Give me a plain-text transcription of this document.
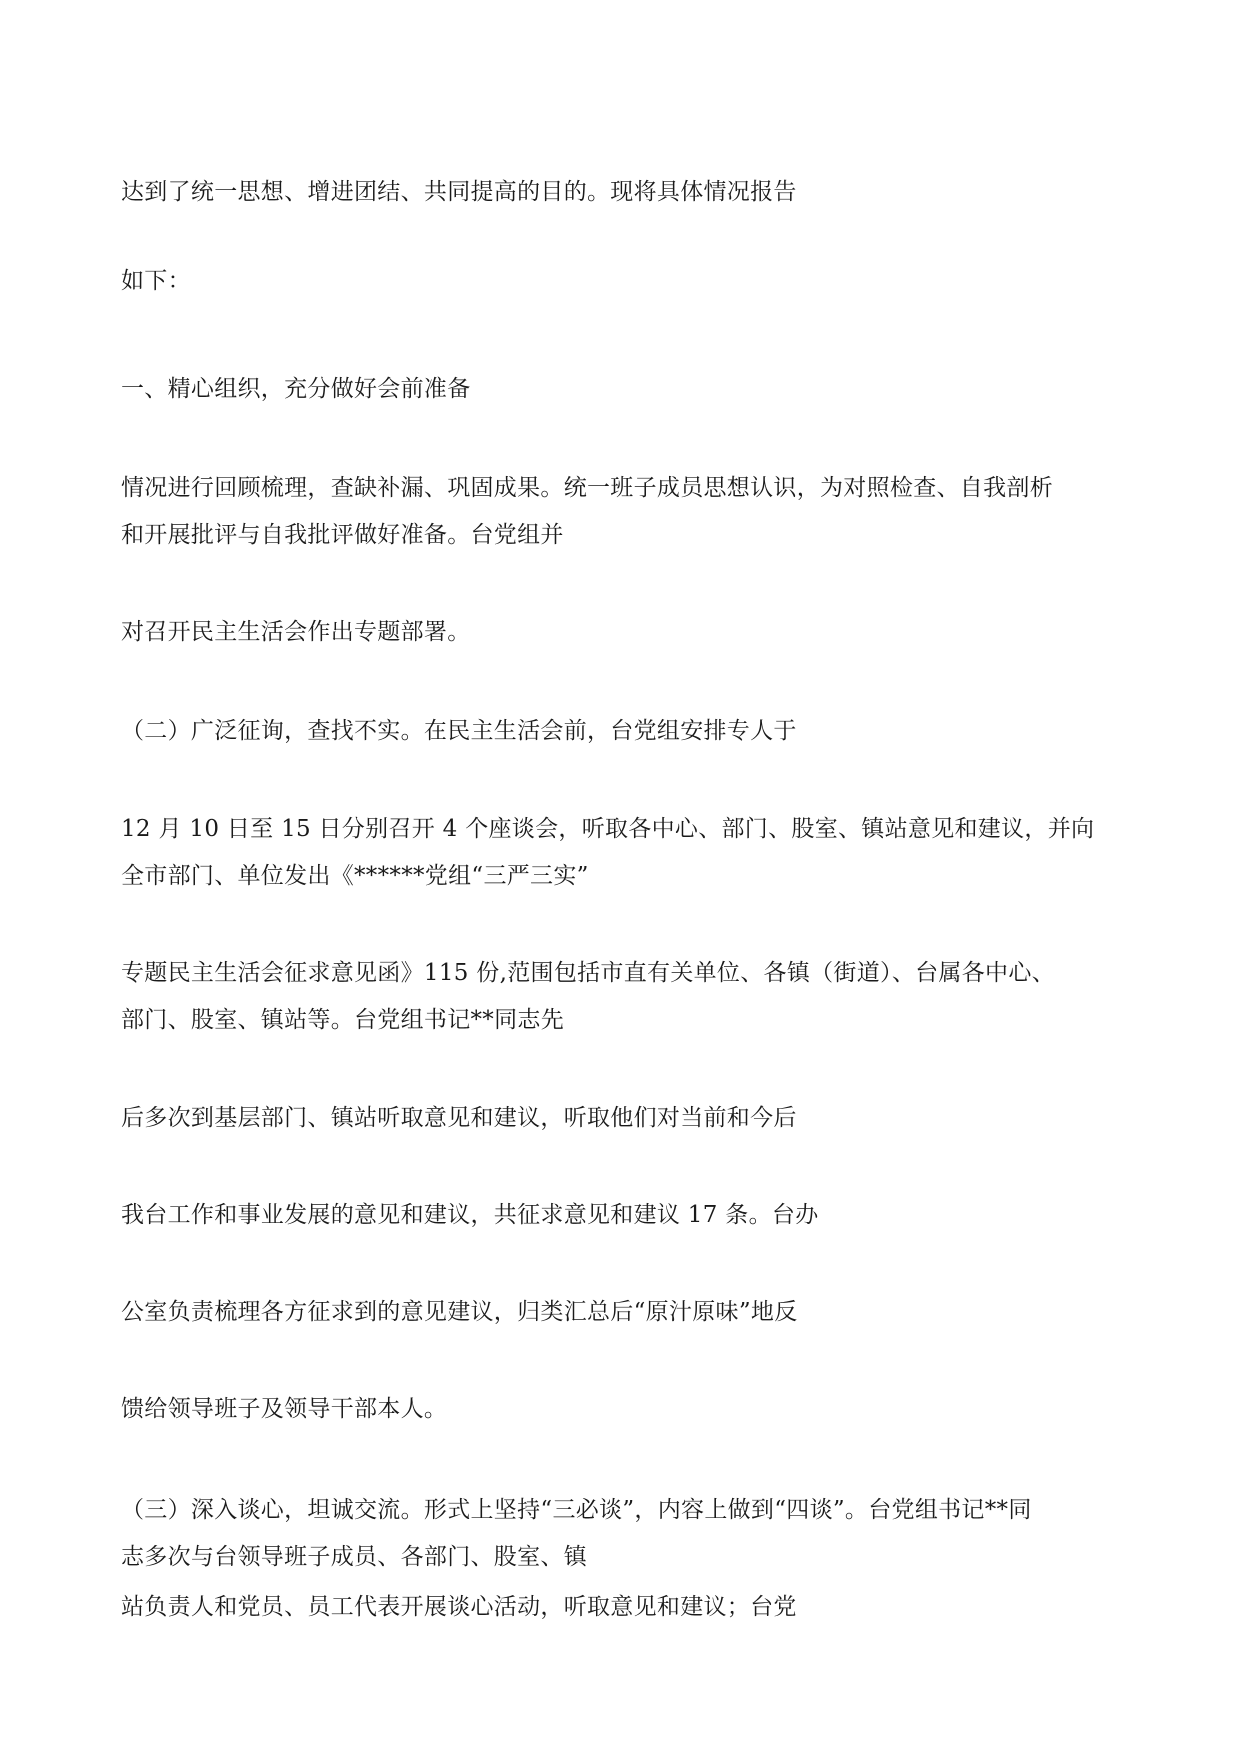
达到了统一思想、增进团结、共同提高的目的。现将具体情况报告
如下：
一、精心组织，充分做好会前准备
情况进行回顾梳理，查缺补漏、巩固成果。统一班子成员思想认识，为对照检查、自我剖析
和开展批评与自我批评做好准备。台党组并
对召开民主生活会作出专题部署。
（二）广泛征询，查找不实。在民主生活会前，台党组安排专人于
12 月 10 日至 15 日分别召开 4 个座谈会，听取各中心、部门、股室、镇站意见和建议，并向
全市部门、单位发出《******党组“三严三实”
专题民主生活会征求意见函》115 份,范围包括市直有关单位、各镇（街道）、台属各中心、
部门、股室、镇站等。台党组书记**同志先
后多次到基层部门、镇站听取意见和建议，听取他们对当前和今后
我台工作和事业发展的意见和建议，共征求意见和建议 17 条。台办
公室负责梳理各方征求到的意见建议，归类汇总后“原汁原味”地反
馈给领导班子及领导干部本人。
（三）深入谈心，坦诚交流。形式上坚持“三必谈”，内容上做到“四谈”。台党组书记**同
志多次与台领导班子成员、各部门、股室、镇
站负责人和党员、员工代表开展谈心活动，听取意见和建议；台党
